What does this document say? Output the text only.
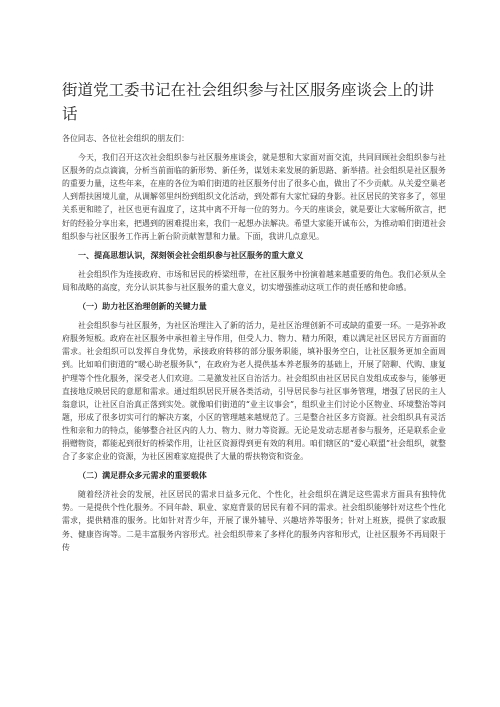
街道党工委书记在社会组织参与社区服务座谈会上的讲话

各位同志、各位社会组织的朋友们：

今天，我们召开这次社会组织参与社区服务座谈会，就是想和大家面对面交流，共同回顾社会组织参与社区服务的点点滴滴，分析当前面临的新形势、新任务，谋划未来发展的新思路、新举措。社会组织是社区服务的重要力量，这些年来，在座的各位为咱们街道的社区服务付出了很多心血，做出了不少贡献。从关爱空巢老人到帮扶困境儿童，从调解邻里纠纷到组织文化活动，到处都有大家忙碌的身影。社区居民的笑容多了，邻里关系更和睦了，社区也更有温度了，这其中离不开每一位的努力。今天的座谈会，就是要让大家畅所欲言，把好的经验分享出来，把遇到的困难提出来，我们一起想办法解决。希望大家能开诚布公，为推动咱们街道社会组织参与社区服务工作再上新台阶贡献智慧和力量。下面，我讲几点意见。

一、提高思想认识，深刻领会社会组织参与社区服务的重大意义

社会组织作为连接政府、市场和居民的桥梁纽带，在社区服务中扮演着越来越重要的角色。我们必须从全局和战略的高度，充分认识其参与社区服务的重大意义，切实增强推动这项工作的责任感和使命感。

（一）助力社区治理创新的关键力量

社会组织参与社区服务，为社区治理注入了新的活力，是社区治理创新不可或缺的重要一环。一是弥补政府服务短板。政府在社区服务中承担着主导作用，但受人力、物力、精力所限，难以满足社区居民方方面面的需求。社会组织可以发挥自身优势，承接政府转移的部分服务职能，填补服务空白，让社区服务更加全面周到。比如咱们街道的“暖心助老服务队”，在政府为老人提供基本养老服务的基础上，开展了陪聊、代购、康复护理等个性化服务，深受老人们欢迎。二是激发社区自治活力。社会组织由社区居民自发组成或参与，能够更直接地反映居民的意愿和需求。通过组织居民开展各类活动，引导居民参与社区事务管理，增强了居民的主人翁意识，让社区自治真正落到实处。就像咱们街道的“业主议事会”，组织业主们讨论小区物业、环境整治等问题，形成了很多切实可行的解决方案，小区的管理越来越规范了。三是整合社区多方资源。社会组织具有灵活性和亲和力的特点，能够整合社区内的人力、物力、财力等资源。无论是发动志愿者参与服务，还是联系企业捐赠物资，都能起到很好的桥梁作用，让社区资源得到更有效的利用。咱们辖区的“爱心联盟”社会组织，就整合了多家企业的资源，为社区困难家庭提供了大量的帮扶物资和资金。

（二）满足群众多元需求的重要载体

随着经济社会的发展，社区居民的需求日益多元化、个性化，社会组织在满足这些需求方面具有独特优势。一是提供个性化服务。不同年龄、职业、家庭背景的居民有着不同的需求。社会组织能够针对这些个性化需求，提供精准的服务。比如针对青少年，开展了课外辅导、兴趣培养等服务；针对上班族，提供了家政服务、健康咨询等。二是丰富服务内容形式。社会组织带来了多样化的服务内容和形式，让社区服务不再局限于传
